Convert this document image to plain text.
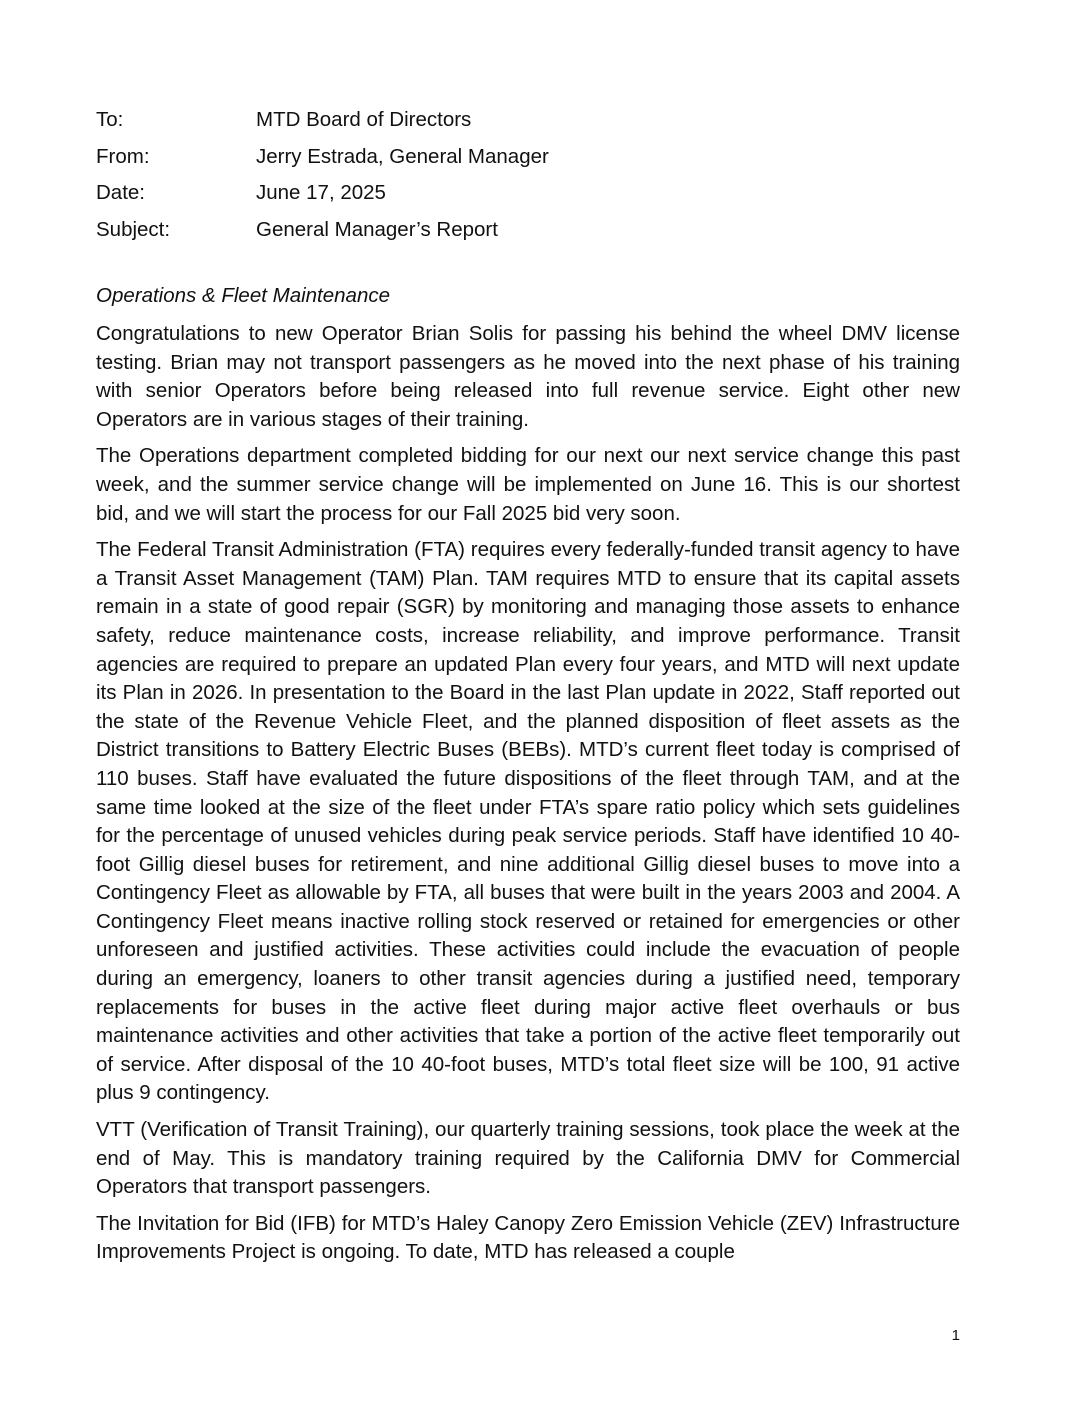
To:	MTD Board of Directors
From:	Jerry Estrada, General Manager
Date:	June 17, 2025
Subject:	General Manager’s Report
Operations & Fleet Maintenance

Congratulations to new Operator Brian Solis for passing his behind the wheel DMV license testing. Brian may not transport passengers as he moved into the next phase of his training with senior Operators before being released into full revenue service. Eight other new Operators are in various stages of their training.

The Operations department completed bidding for our next our next service change this past week, and the summer service change will be implemented on June 16. This is our shortest bid, and we will start the process for our Fall 2025 bid very soon.

The Federal Transit Administration (FTA) requires every federally-funded transit agency to have a Transit Asset Management (TAM) Plan. TAM requires MTD to ensure that its capital assets remain in a state of good repair (SGR) by monitoring and managing those assets to enhance safety, reduce maintenance costs, increase reliability, and improve performance. Transit agencies are required to prepare an updated Plan every four years, and MTD will next update its Plan in 2026. In presentation to the Board in the last Plan update in 2022, Staff reported out the state of the Revenue Vehicle Fleet, and the planned disposition of fleet assets as the District transitions to Battery Electric Buses (BEBs). MTD’s current fleet today is comprised of 110 buses. Staff have evaluated the future dispositions of the fleet through TAM, and at the same time looked at the size of the fleet under FTA’s spare ratio policy which sets guidelines for the percentage of unused vehicles during peak service periods. Staff have identified 10 40-foot Gillig diesel buses for retirement, and nine additional Gillig diesel buses to move into a Contingency Fleet as allowable by FTA, all buses that were built in the years 2003 and 2004. A Contingency Fleet means inactive rolling stock reserved or retained for emergencies or other unforeseen and justified activities. These activities could include the evacuation of people during an emergency, loaners to other transit agencies during a justified need, temporary replacements for buses in the active fleet during major active fleet overhauls or bus maintenance activities and other activities that take a portion of the active fleet temporarily out of service. After disposal of the 10 40-foot buses, MTD’s total fleet size will be 100, 91 active plus 9 contingency.

VTT (Verification of Transit Training), our quarterly training sessions, took place the week at the end of May. This is mandatory training required by the California DMV for Commercial Operators that transport passengers.

The Invitation for Bid (IFB) for MTD’s Haley Canopy Zero Emission Vehicle (ZEV) Infrastructure Improvements Project is ongoing. To date, MTD has released a couple

1
